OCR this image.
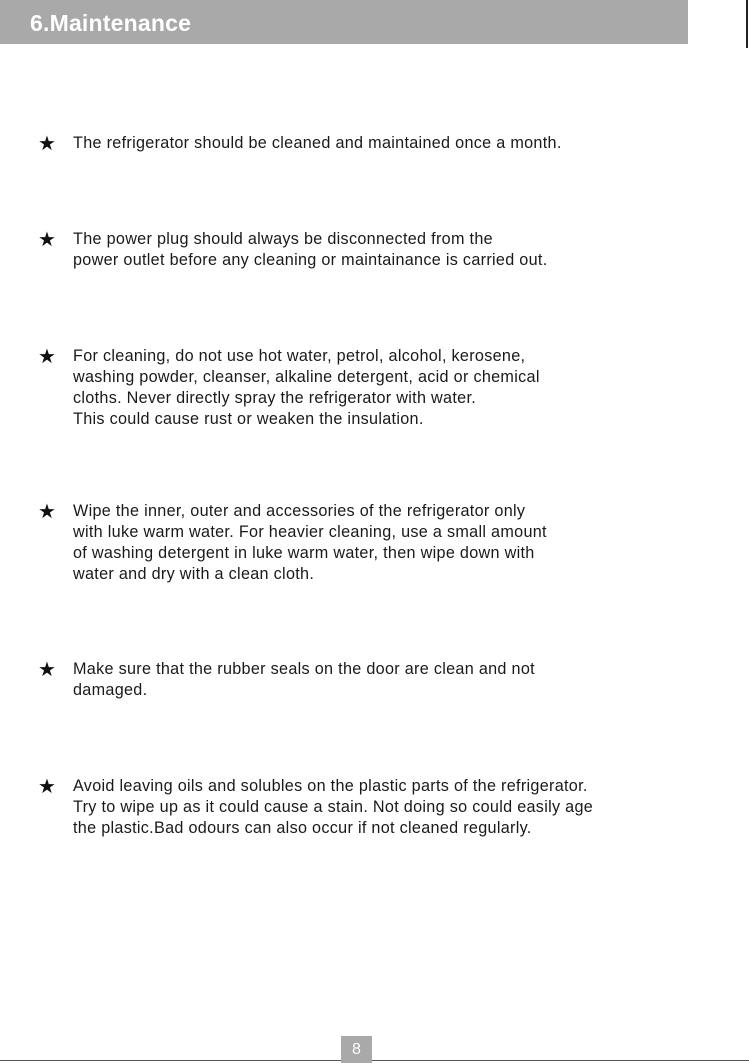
6.Maintenance
★ The refrigerator should be cleaned and maintained once a month.
★ The power plug should always be disconnected from the
power outlet before any cleaning or maintainance is carried out.
★ For cleaning, do not use hot water, petrol, alcohol, kerosene,
washing powder, cleanser, alkaline detergent, acid or chemical
cloths. Never directly spray the refrigerator with water.
This could cause rust or weaken the insulation.
★ Wipe the inner, outer and accessories of the refrigerator only
with luke warm water. For heavier cleaning, use a small amount
of washing detergent in luke warm water, then wipe down with
water and dry with a clean cloth.
★ Make sure that the rubber seals on the door are clean and not
damaged.
★ Avoid leaving oils and solubles on the plastic parts of the refrigerator.
Try to wipe up as it could cause a stain. Not doing so could easily age
the plastic.Bad odours can also occur if not cleaned regularly.
8
